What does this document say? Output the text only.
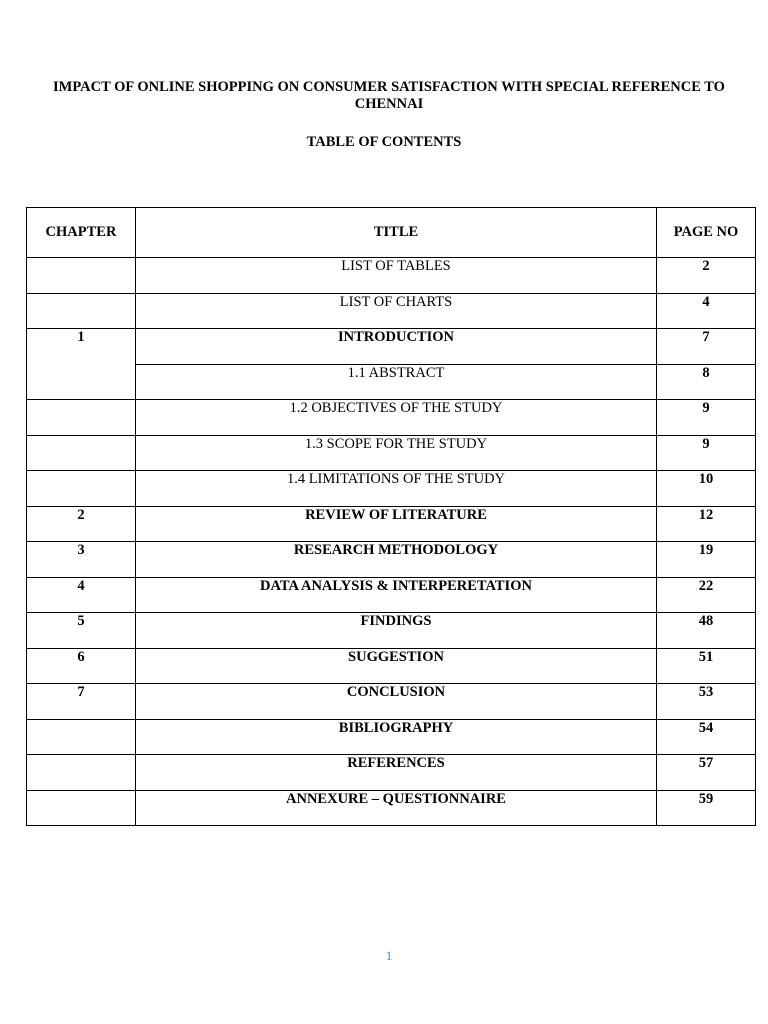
IMPACT OF ONLINE SHOPPING ON CONSUMER SATISFACTION WITH SPECIAL REFERENCE TO CHENNAI
TABLE OF CONTENTS
CHAPTER	TITLE	PAGE NO
	LIST OF TABLES	2
	LIST OF CHARTS	4
1	INTRODUCTION	7
	1.1 ABSTRACT	8
	1.2 OBJECTIVES OF THE STUDY	9
	1.3 SCOPE FOR THE STUDY	9
	1.4 LIMITATIONS OF THE STUDY	10
2	REVIEW OF LITERATURE	12
3	RESEARCH METHODOLOGY	19
4	DATA ANALYSIS & INTERPERETATION	22
5	FINDINGS	48
6	SUGGESTION	51
7	CONCLUSION	53
	BIBLIOGRAPHY	54
	REFERENCES	57
	ANNEXURE – QUESTIONNAIRE	59
1
